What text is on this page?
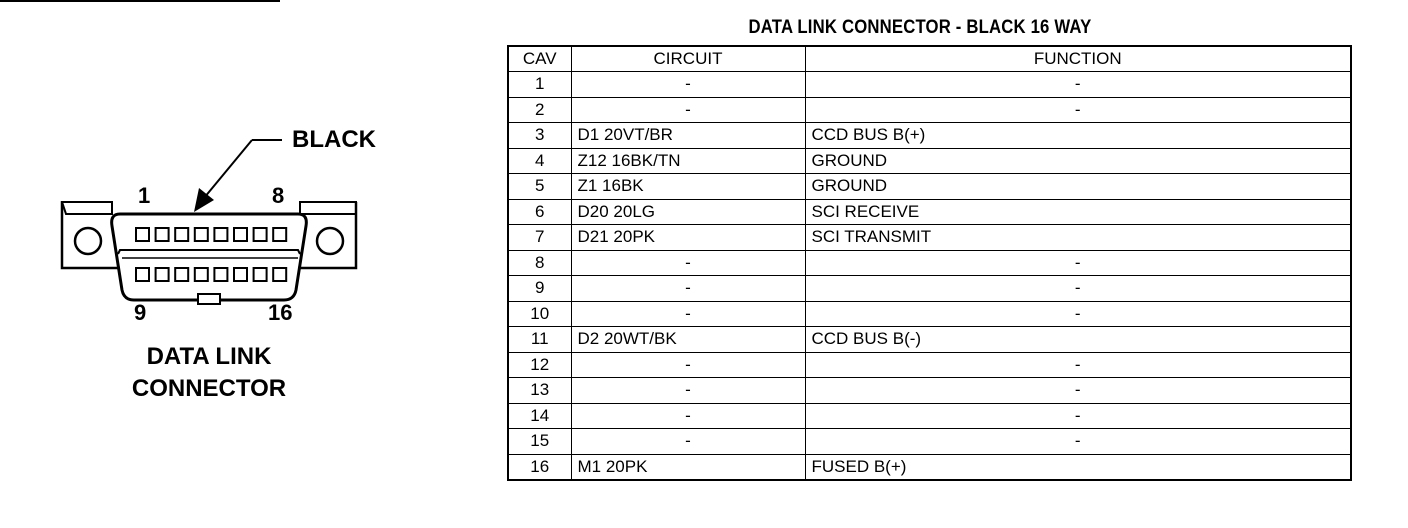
BLACK
1	8
9	16
DATA LINK
CONNECTOR
DATA LINK CONNECTOR - BLACK 16 WAY
CAV	CIRCUIT	FUNCTION
1	-	-
2	-	-
3	D1 20VT/BR	CCD BUS B(+)
4	Z12 16BK/TN	GROUND
5	Z1 16BK	GROUND
6	D20 20LG	SCI RECEIVE
7	D21 20PK	SCI TRANSMIT
8	-	-
9	-	-
10	-	-
11	D2 20WT/BK	CCD BUS B(-)
12	-	-
13	-	-
14	-	-
15	-	-
16	M1 20PK	FUSED B(+)
